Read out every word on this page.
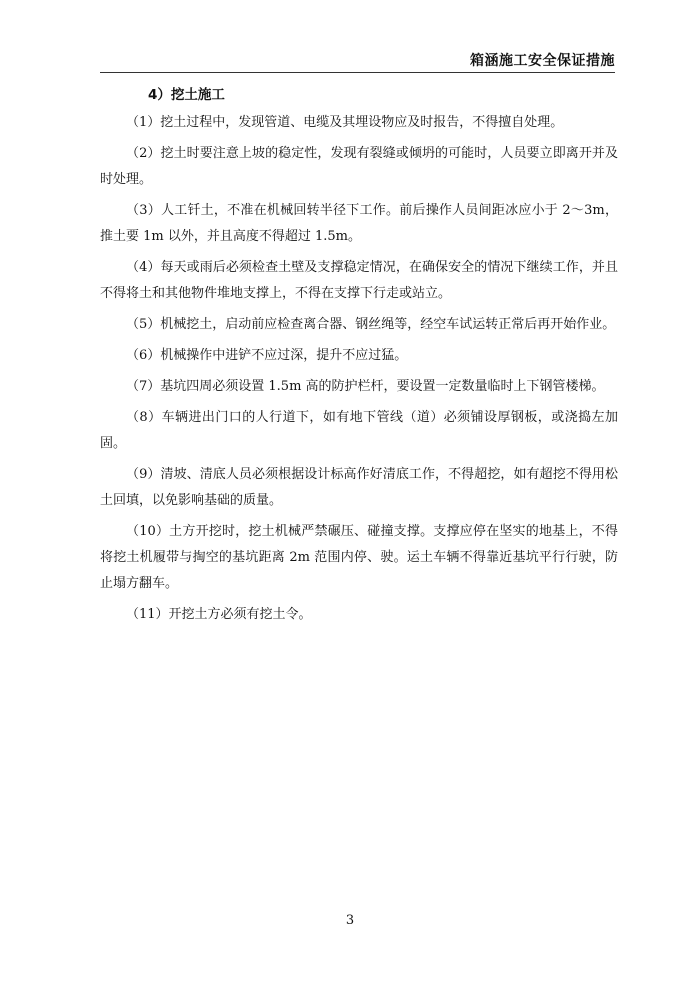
箱涵施工安全保证措施

4）挖土施工

（1）挖土过程中，发现管道、电缆及其埋设物应及时报告，不得擅自处理。

（2）挖土时要注意上坡的稳定性，发现有裂缝或倾坍的可能时，人员要立即离开并及时处理。

（3）人工钎土，不准在机械回转半径下工作。前后操作人员间距冰应小于 2～3m，推土要 1m 以外，并且高度不得超过 1.5m。

（4）每天或雨后必须检查土壁及支撑稳定情况，在确保安全的情况下继续工作，并且不得将土和其他物件堆地支撑上，不得在支撑下行走或站立。

（5）机械挖土，启动前应检查离合器、钢丝绳等，经空车试运转正常后再开始作业。

（6）机械操作中进铲不应过深，提升不应过猛。

（7）基坑四周必须设置 1.5m 高的防护栏杆，要设置一定数量临时上下钢管楼梯。

（8）车辆进出门口的人行道下，如有地下管线（道）必须铺设厚钢板，或浇捣左加固。

（9）清坡、清底人员必须根据设计标高作好清底工作，不得超挖，如有超挖不得用松土回填，以免影响基础的质量。

（10）土方开挖时，挖土机械严禁碾压、碰撞支撑。支撑应停在坚实的地基上，不得将挖土机履带与掏空的基坑距离 2m 范围内停、驶。运土车辆不得靠近基坑平行行驶，防止塌方翻车。

（11）开挖土方必须有挖土令。

3
